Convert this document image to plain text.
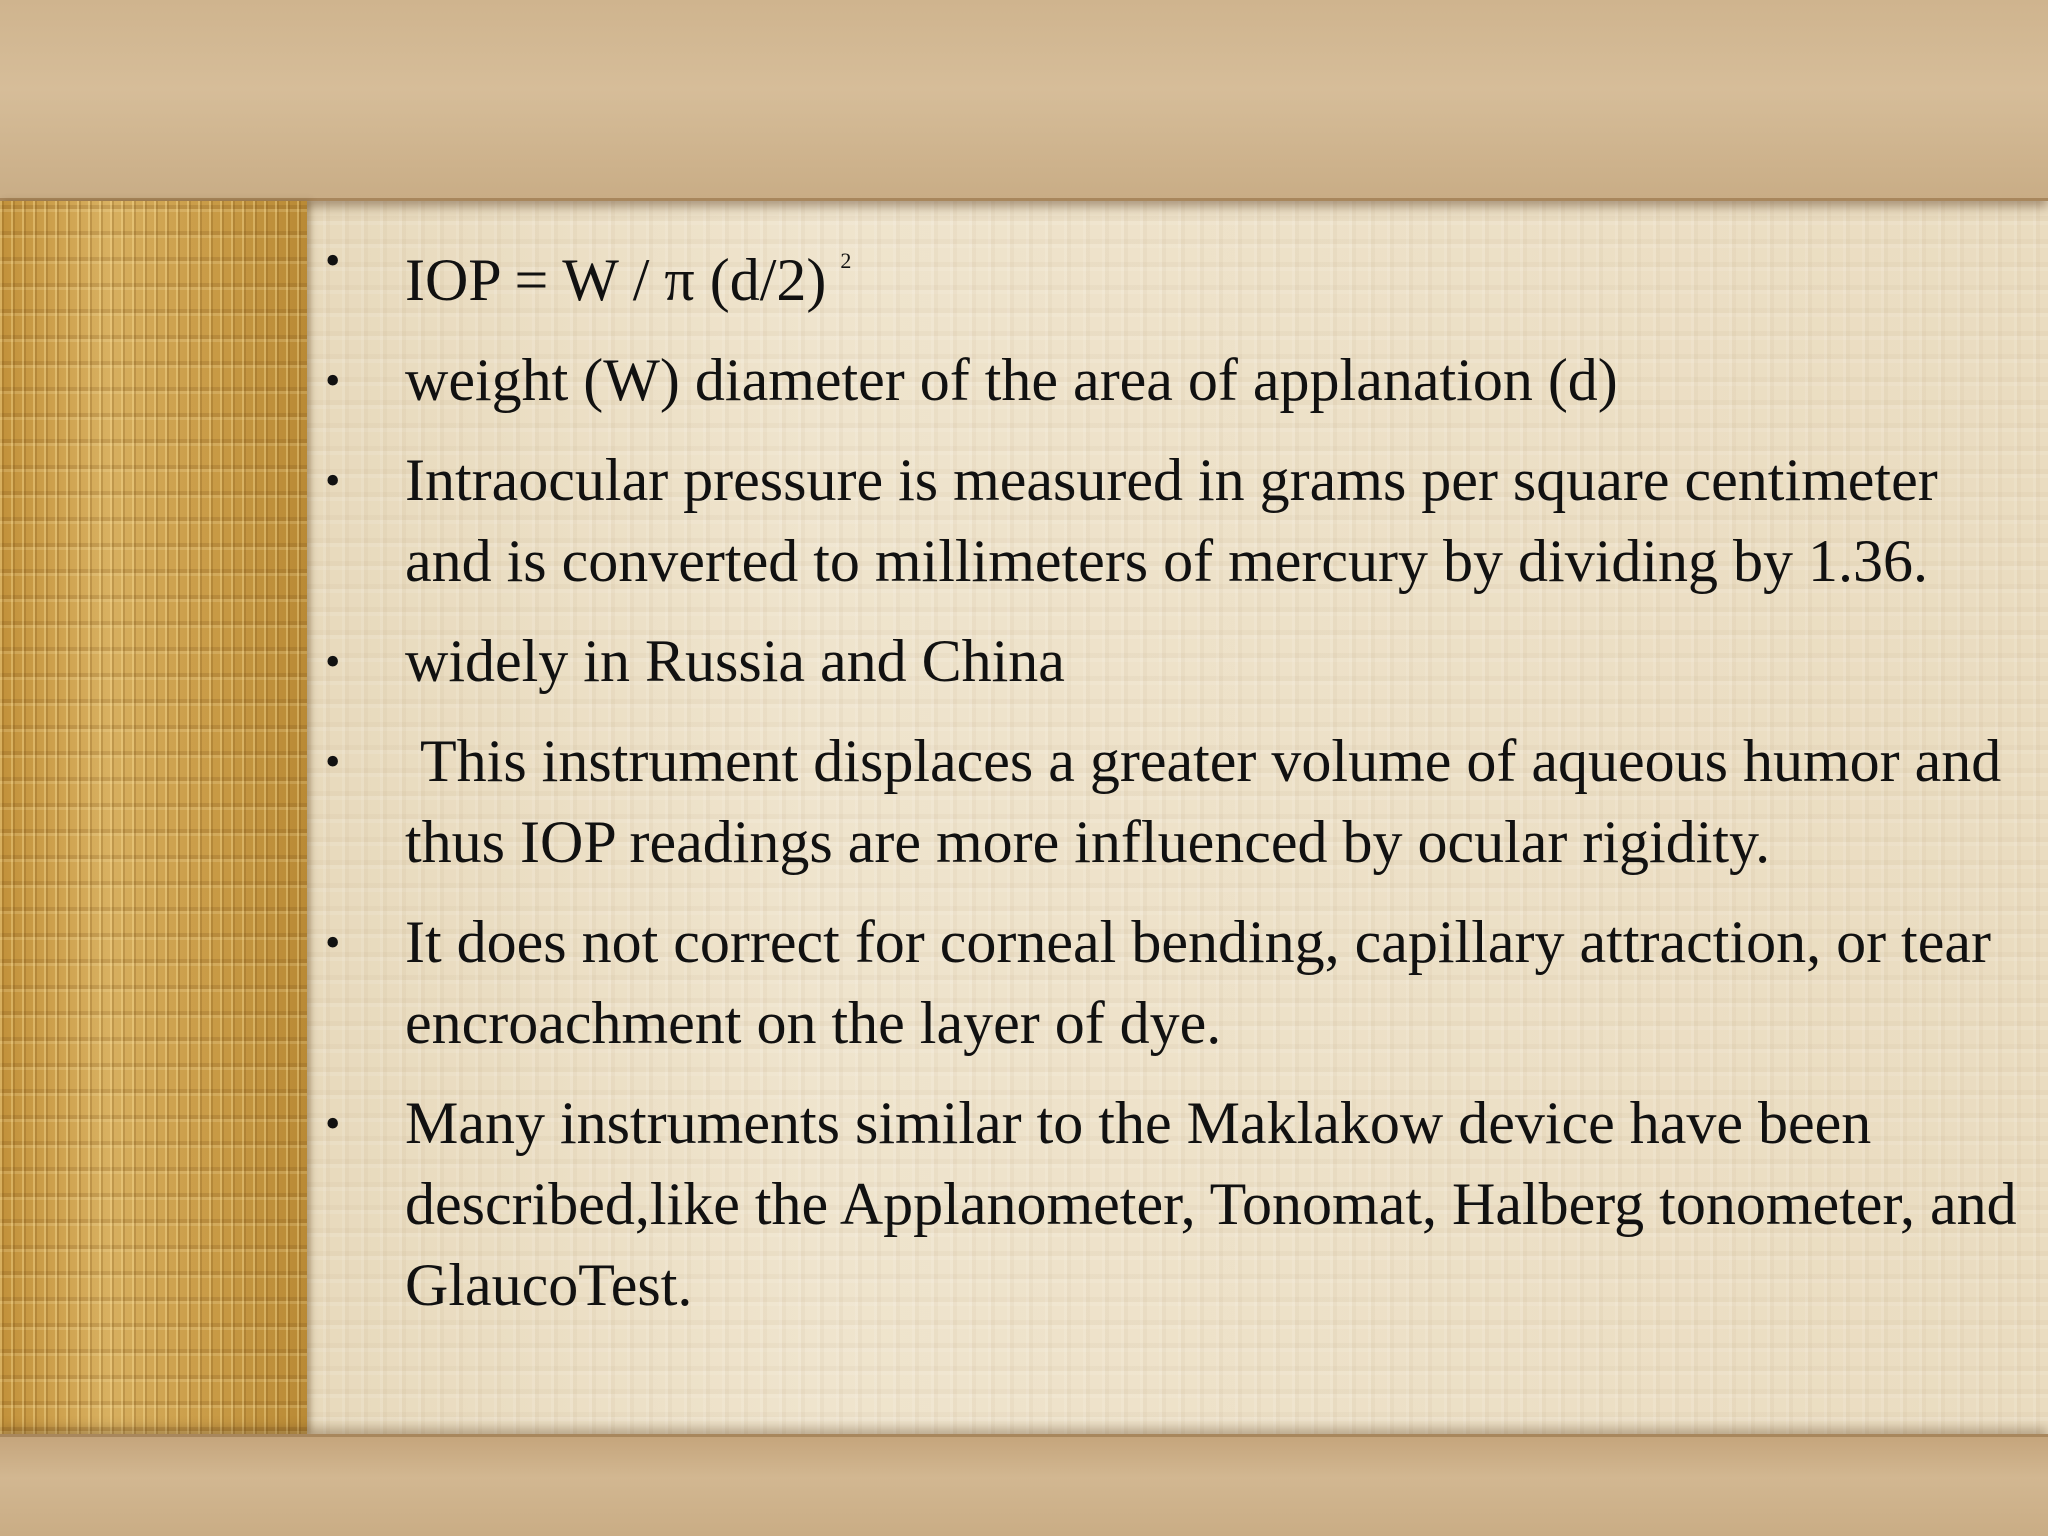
• IOP = W / π (d/2) $^2$
• weight (W) diameter of the area of applanation (d)
• Intraocular pressure is measured in grams per square centimeter and is converted to millimeters of mercury by dividing by 1.36.
• widely in Russia and China
• This instrument displaces a greater volume of aqueous humor and thus IOP readings are more influenced by ocular rigidity.
• It does not correct for corneal bending, capillary attraction, or tear encroachment on the layer of dye.
• Many instruments similar to the Maklakow device have been described,like the Applanometer, Tonomat, Halberg tonometer, and GlaucoTest.
